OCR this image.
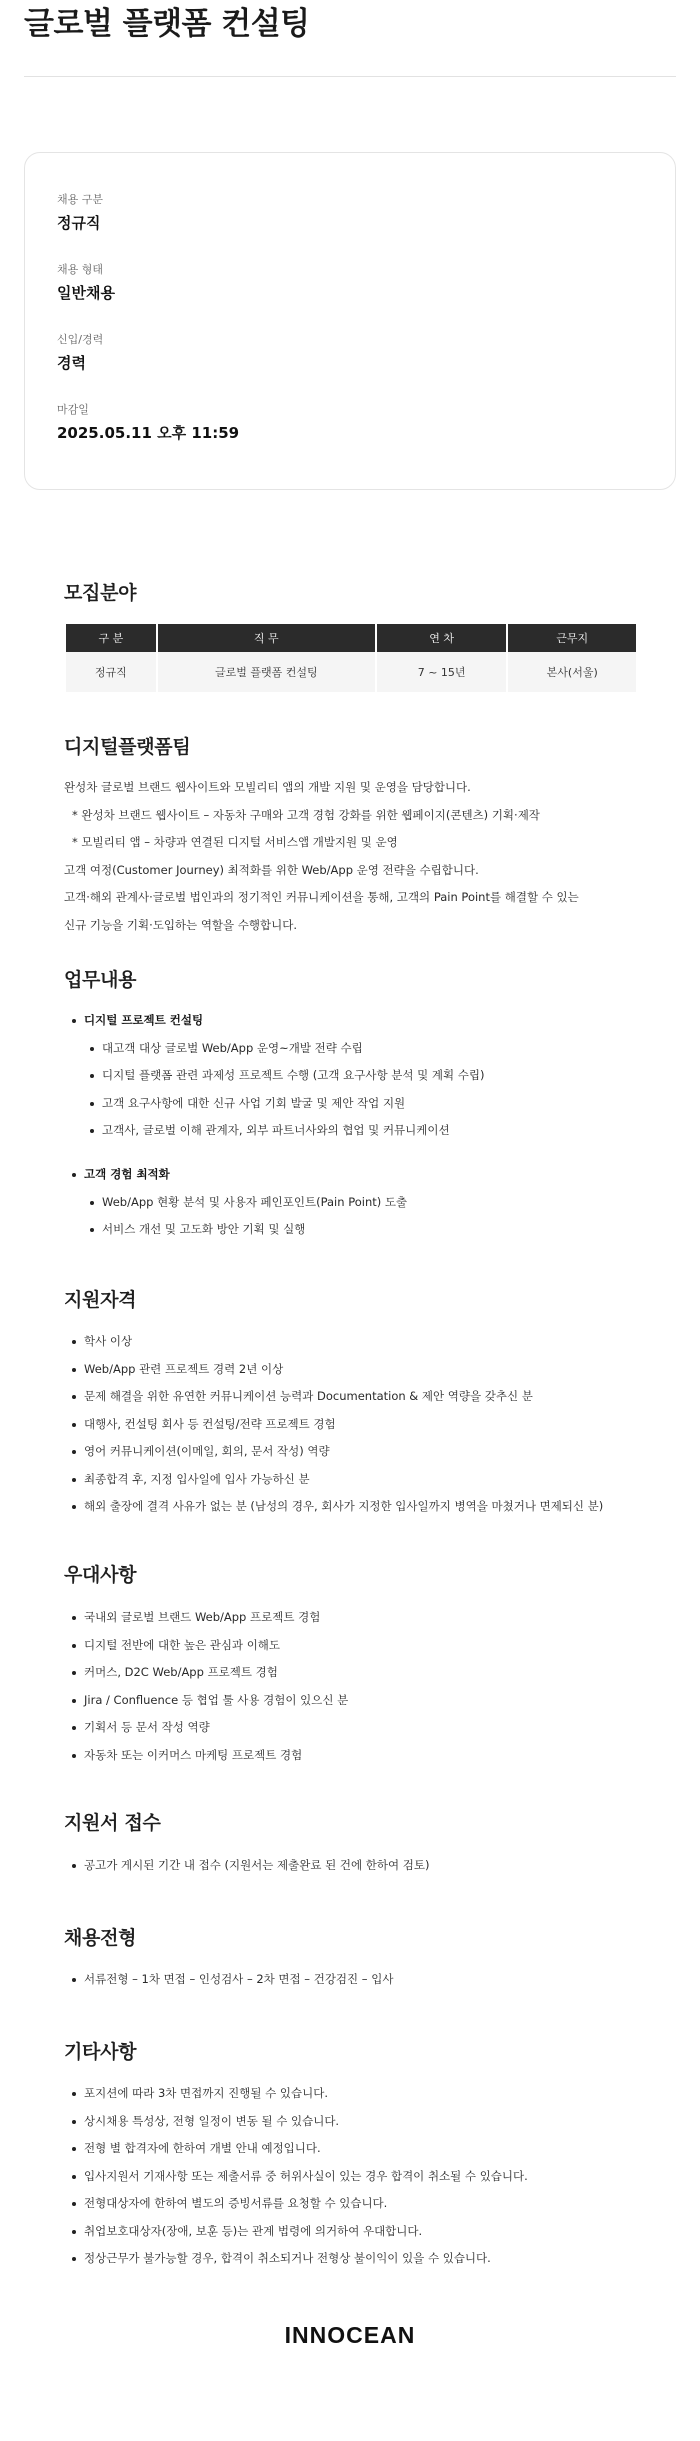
글로벌 플랫폼 컨설팅
채용 구분
정규직
채용 형태
일반채용
신입/경력
경력
마감일
2025.05.11 오후 11:59
모집분야
구 분	직 무	연 차	근무지
정규직	글로벌 플랫폼 컨설팅	7 ~ 15년	본사(서울)
디지털플랫폼팀

완성차 글로벌 브랜드 웹사이트와 모빌리티 앱의 개발 지원 및 운영을 담당합니다.

* 완성차 브랜드 웹사이트 – 자동차 구매와 고객 경험 강화를 위한 웹페이지(콘텐츠) 기획·제작

* 모빌리티 앱 – 차량과 연결된 디지털 서비스앱 개발지원 및 운영

고객 여정(Customer Journey) 최적화를 위한 Web/App 운영 전략을 수립합니다.

고객·해외 관계사·글로벌 법인과의 정기적인 커뮤니케이션을 통해, 고객의 Pain Point를 해결할 수 있는

신규 기능을 기획·도입하는 역할을 수행합니다.

업무내용
디지털 프로젝트 컨설팅
대고객 대상 글로벌 Web/App 운영~개발 전략 수립
디지털 플랫폼 관련 과제성 프로젝트 수행 (고객 요구사항 분석 및 계획 수립)
고객 요구사항에 대한 신규 사업 기회 발굴 및 제안 작업 지원
고객사, 글로벌 이해 관계자, 외부 파트너사와의 협업 및 커뮤니케이션
고객 경험 최적화
Web/App 현황 분석 및 사용자 페인포인트(Pain Point) 도출
서비스 개선 및 고도화 방안 기획 및 실행
지원자격
학사 이상
Web/App 관련 프로젝트 경력 2년 이상
문제 해결을 위한 유연한 커뮤니케이션 능력과 Documentation & 제안 역량을 갖추신 분
대행사, 컨설팅 회사 등 컨설팅/전략 프로젝트 경험
영어 커뮤니케이션(이메일, 회의, 문서 작성) 역량
최종합격 후, 지정 입사일에 입사 가능하신 분
해외 출장에 결격 사유가 없는 분 (남성의 경우, 회사가 지정한 입사일까지 병역을 마쳤거나 면제되신 분)
우대사항
국내외 글로벌 브랜드 Web/App 프로젝트 경험
디지털 전반에 대한 높은 관심과 이해도
커머스, D2C Web/App 프로젝트 경험
Jira / Confluence 등 협업 툴 사용 경험이 있으신 분
기획서 등 문서 작성 역량
자동차 또는 이커머스 마케팅 프로젝트 경험
지원서 접수
공고가 게시된 기간 내 접수 (지원서는 제출완료 된 건에 한하여 검토)
채용전형
서류전형 – 1차 면접 – 인성검사 – 2차 면접 – 건강검진 – 입사
기타사항
포지션에 따라 3차 면접까지 진행될 수 있습니다.
상시채용 특성상, 전형 일정이 변동 될 수 있습니다.
전형 별 합격자에 한하여 개별 안내 예정입니다.
입사지원서 기재사항 또는 제출서류 중 허위사실이 있는 경우 합격이 취소될 수 있습니다.
전형대상자에 한하여 별도의 증빙서류를 요청할 수 있습니다.
취업보호대상자(장애, 보훈 등)는 관계 법령에 의거하여 우대합니다.
정상근무가 불가능할 경우, 합격이 취소되거나 전형상 불이익이 있을 수 있습니다.
INNOCEAN
